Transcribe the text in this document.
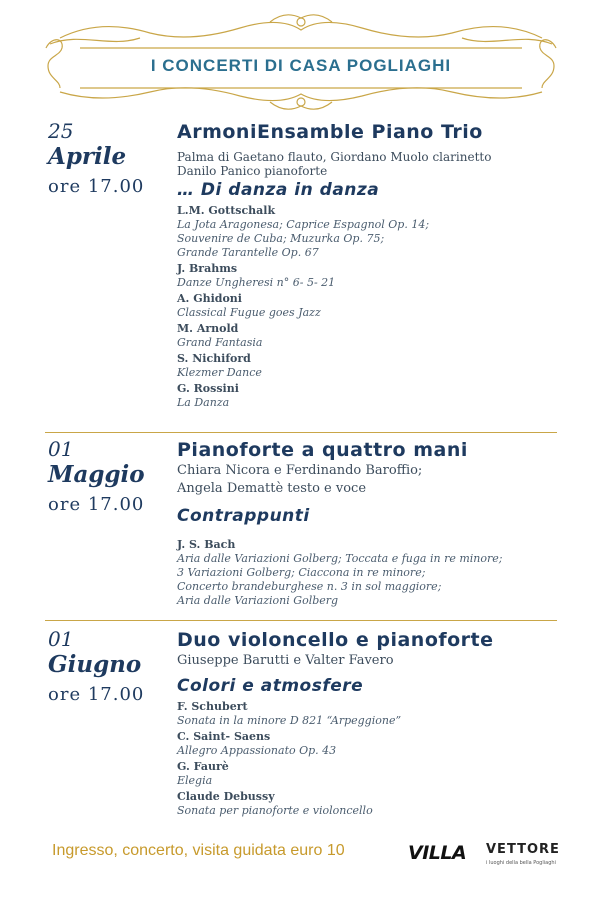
I CONCERTI DI CASA POGLIAGHI
25
Aprile
ore 17.00
ArmoniEnsamble Piano Trio
Palma di Gaetano flauto, Giordano Muolo clarinetto
Danilo Panico pianoforte
… Di danza in danza
L.M. Gottschalk
La Jota Aragonesa; Caprice Espagnol Op. 14;
Souvenire de Cuba; Muzurka Op. 75;
Grande Tarantelle Op. 67
J. Brahms
Danze Ungheresi n° 6- 5- 21
A. Ghidoni
Classical Fugue goes Jazz
M. Arnold
Grand Fantasia
S. Nichiford
Klezmer Dance
G. Rossini
La Danza
01
Maggio
ore 17.00
Pianoforte a quattro mani
Chiara Nicora e Ferdinando Baroffio;
Angela Demattè testo e voce
Contrappunti
J. S. Bach
Aria dalle Variazioni Golberg; Toccata e fuga in re minore;
3 Variazioni Golberg; Ciaccona in re minore;
Concerto brandeburghese n. 3 in sol maggiore;
Aria dalle Variazioni Golberg
01
Giugno
ore 17.00
Duo violoncello e pianoforte
Giuseppe Barutti e Valter Favero
Colori e atmosfere
F. Schubert
Sonata in la minore D 821 “Arpeggione”
C. Saint- Saens
Allegro Appassionato Op. 43
G. Faurè
Elegia
Claude Debussy
Sonata per pianoforte e violoncello
Ingresso, concerto, visita guidata euro 10	VILLA VETTORE
i luoghi della bella Pogliaghi
